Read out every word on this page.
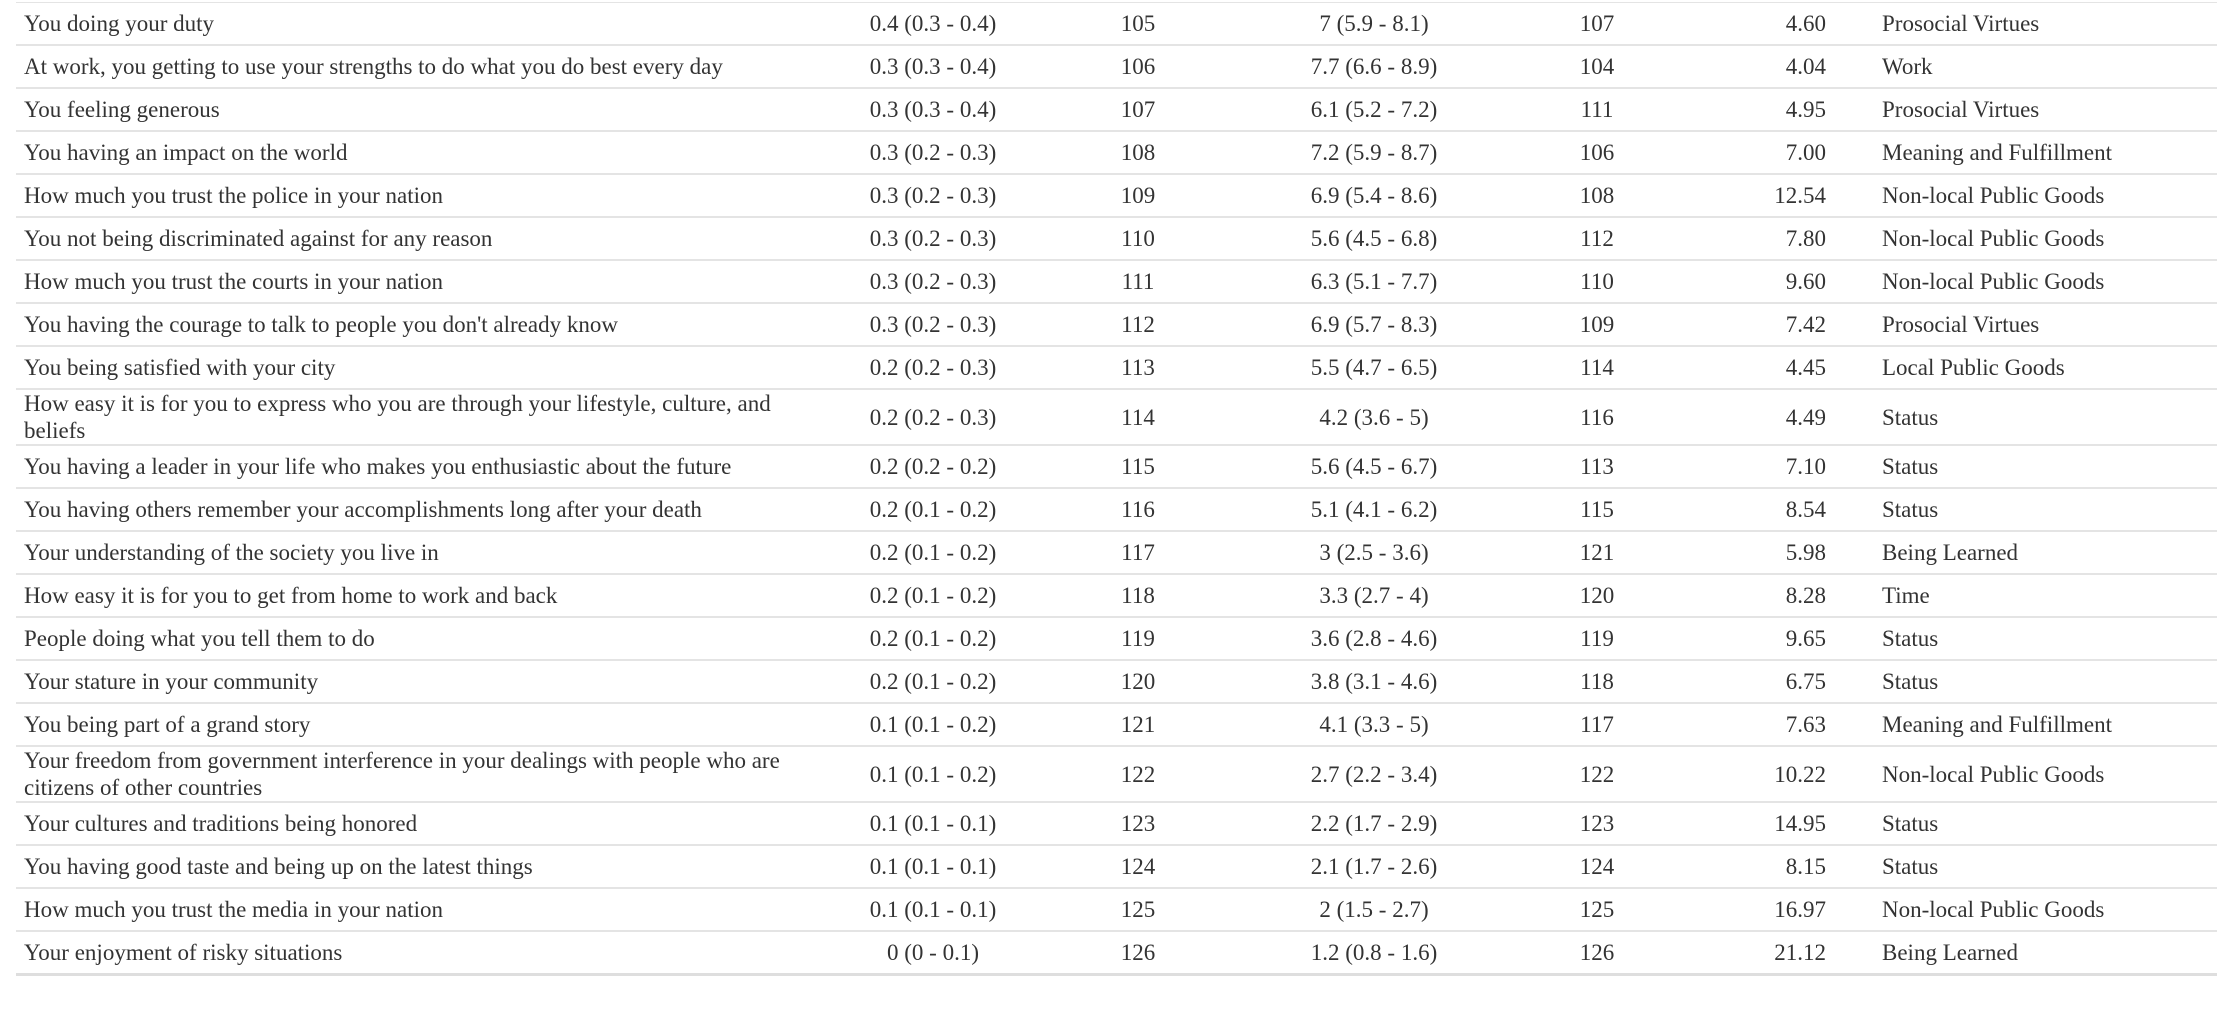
You doing your duty	0.4 (0.3 - 0.4)	105	7 (5.9 - 8.1)	107	4.60	Prosocial Virtues
At work, you getting to use your strengths to do what you do best every day	0.3 (0.3 - 0.4)	106	7.7 (6.6 - 8.9)	104	4.04	Work
You feeling generous	0.3 (0.3 - 0.4)	107	6.1 (5.2 - 7.2)	111	4.95	Prosocial Virtues
You having an impact on the world	0.3 (0.2 - 0.3)	108	7.2 (5.9 - 8.7)	106	7.00	Meaning and Fulfillment
How much you trust the police in your nation	0.3 (0.2 - 0.3)	109	6.9 (5.4 - 8.6)	108	12.54	Non-local Public Goods
You not being discriminated against for any reason	0.3 (0.2 - 0.3)	110	5.6 (4.5 - 6.8)	112	7.80	Non-local Public Goods
How much you trust the courts in your nation	0.3 (0.2 - 0.3)	111	6.3 (5.1 - 7.7)	110	9.60	Non-local Public Goods
You having the courage to talk to people you don't already know	0.3 (0.2 - 0.3)	112	6.9 (5.7 - 8.3)	109	7.42	Prosocial Virtues
You being satisfied with your city	0.2 (0.2 - 0.3)	113	5.5 (4.7 - 6.5)	114	4.45	Local Public Goods
How easy it is for you to express who you are through your lifestyle, culture, and beliefs	0.2 (0.2 - 0.3)	114	4.2 (3.6 - 5)	116	4.49	Status
You having a leader in your life who makes you enthusiastic about the future	0.2 (0.2 - 0.2)	115	5.6 (4.5 - 6.7)	113	7.10	Status
You having others remember your accomplishments long after your death	0.2 (0.1 - 0.2)	116	5.1 (4.1 - 6.2)	115	8.54	Status
Your understanding of the society you live in	0.2 (0.1 - 0.2)	117	3 (2.5 - 3.6)	121	5.98	Being Learned
How easy it is for you to get from home to work and back	0.2 (0.1 - 0.2)	118	3.3 (2.7 - 4)	120	8.28	Time
People doing what you tell them to do	0.2 (0.1 - 0.2)	119	3.6 (2.8 - 4.6)	119	9.65	Status
Your stature in your community	0.2 (0.1 - 0.2)	120	3.8 (3.1 - 4.6)	118	6.75	Status
You being part of a grand story	0.1 (0.1 - 0.2)	121	4.1 (3.3 - 5)	117	7.63	Meaning and Fulfillment
Your freedom from government interference in your dealings with people who are citizens of other countries	0.1 (0.1 - 0.2)	122	2.7 (2.2 - 3.4)	122	10.22	Non-local Public Goods
Your cultures and traditions being honored	0.1 (0.1 - 0.1)	123	2.2 (1.7 - 2.9)	123	14.95	Status
You having good taste and being up on the latest things	0.1 (0.1 - 0.1)	124	2.1 (1.7 - 2.6)	124	8.15	Status
How much you trust the media in your nation	0.1 (0.1 - 0.1)	125	2 (1.5 - 2.7)	125	16.97	Non-local Public Goods
Your enjoyment of risky situations	0 (0 - 0.1)	126	1.2 (0.8 - 1.6)	126	21.12	Being Learned
